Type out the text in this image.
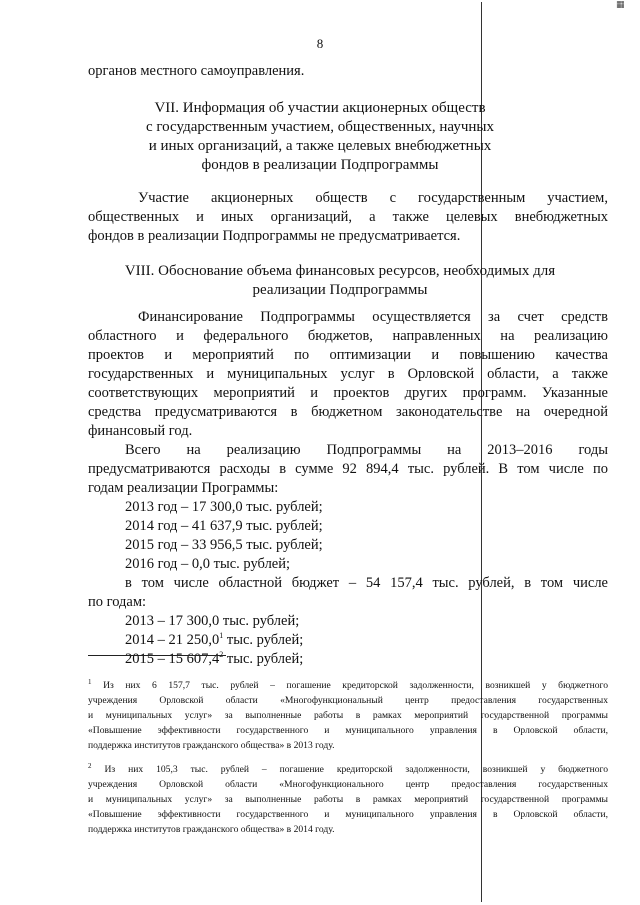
▦
8
органов местного самоуправления.
VII. Информация об участии акционерных обществ
с государственным участием, общественных, научных
и иных организаций, а также целевых внебюджетных
фондов в реализации Подпрограммы
Участие акционерных обществ с государственным участием,
общественных и иных организаций, а также целевых внебюджетных
фондов в реализации Подпрограммы не предусматривается.
VIII. Обоснование объема финансовых ресурсов, необходимых для
реализации Подпрограммы
Финансирование Подпрограммы осуществляется за счет средств
областного и федерального бюджетов, направленных на реализацию
проектов и мероприятий по оптимизации и повышению качества
государственных и муниципальных услуг в Орловской области, а также
соответствующих мероприятий и проектов других программ. Указанные
средства предусматриваются в бюджетном законодательстве на очередной
финансовый год.
Всего на реализацию Подпрограммы на 2013–2016 годы
предусматриваются расходы в сумме 92 894,4 тыс. рублей. В том числе по
годам реализации Программы:
2013 год – 17 300,0 тыс. рублей;
2014 год – 41 637,9 тыс. рублей;
2015 год – 33 956,5 тыс. рублей;
2016 год – 0,0 тыс. рублей;
в том числе областной бюджет – 54 157,4 тыс. рублей, в том числе
по годам:
2013 – 17 300,0 тыс. рублей;
2014 – 21 250,0$^1$ тыс. рублей;
2015 – 15 607,4$^2$ тыс. рублей;
$^1$ Из них 6 157,7 тыс. рублей – погашение кредиторской задолженности, возникшей у бюджетного
учреждения Орловской области «Многофункциональный центр предоставления государственных
и муниципальных услуг» за выполненные работы в рамках мероприятий государственной программы
«Повышение эффективности государственного и муниципального управления в Орловской области,
поддержка институтов гражданского общества» в 2013 году.
$^2$ Из них 105,3 тыс. рублей – погашение кредиторской задолженности, возникшей у бюджетного
учреждения Орловской области «Многофункционального центр предоставления государственных
и муниципальных услуг» за выполненные работы в рамках мероприятий государственной программы
«Повышение эффективности государственного и муниципального управления в Орловской области,
поддержка институтов гражданского общества» в 2014 году.
